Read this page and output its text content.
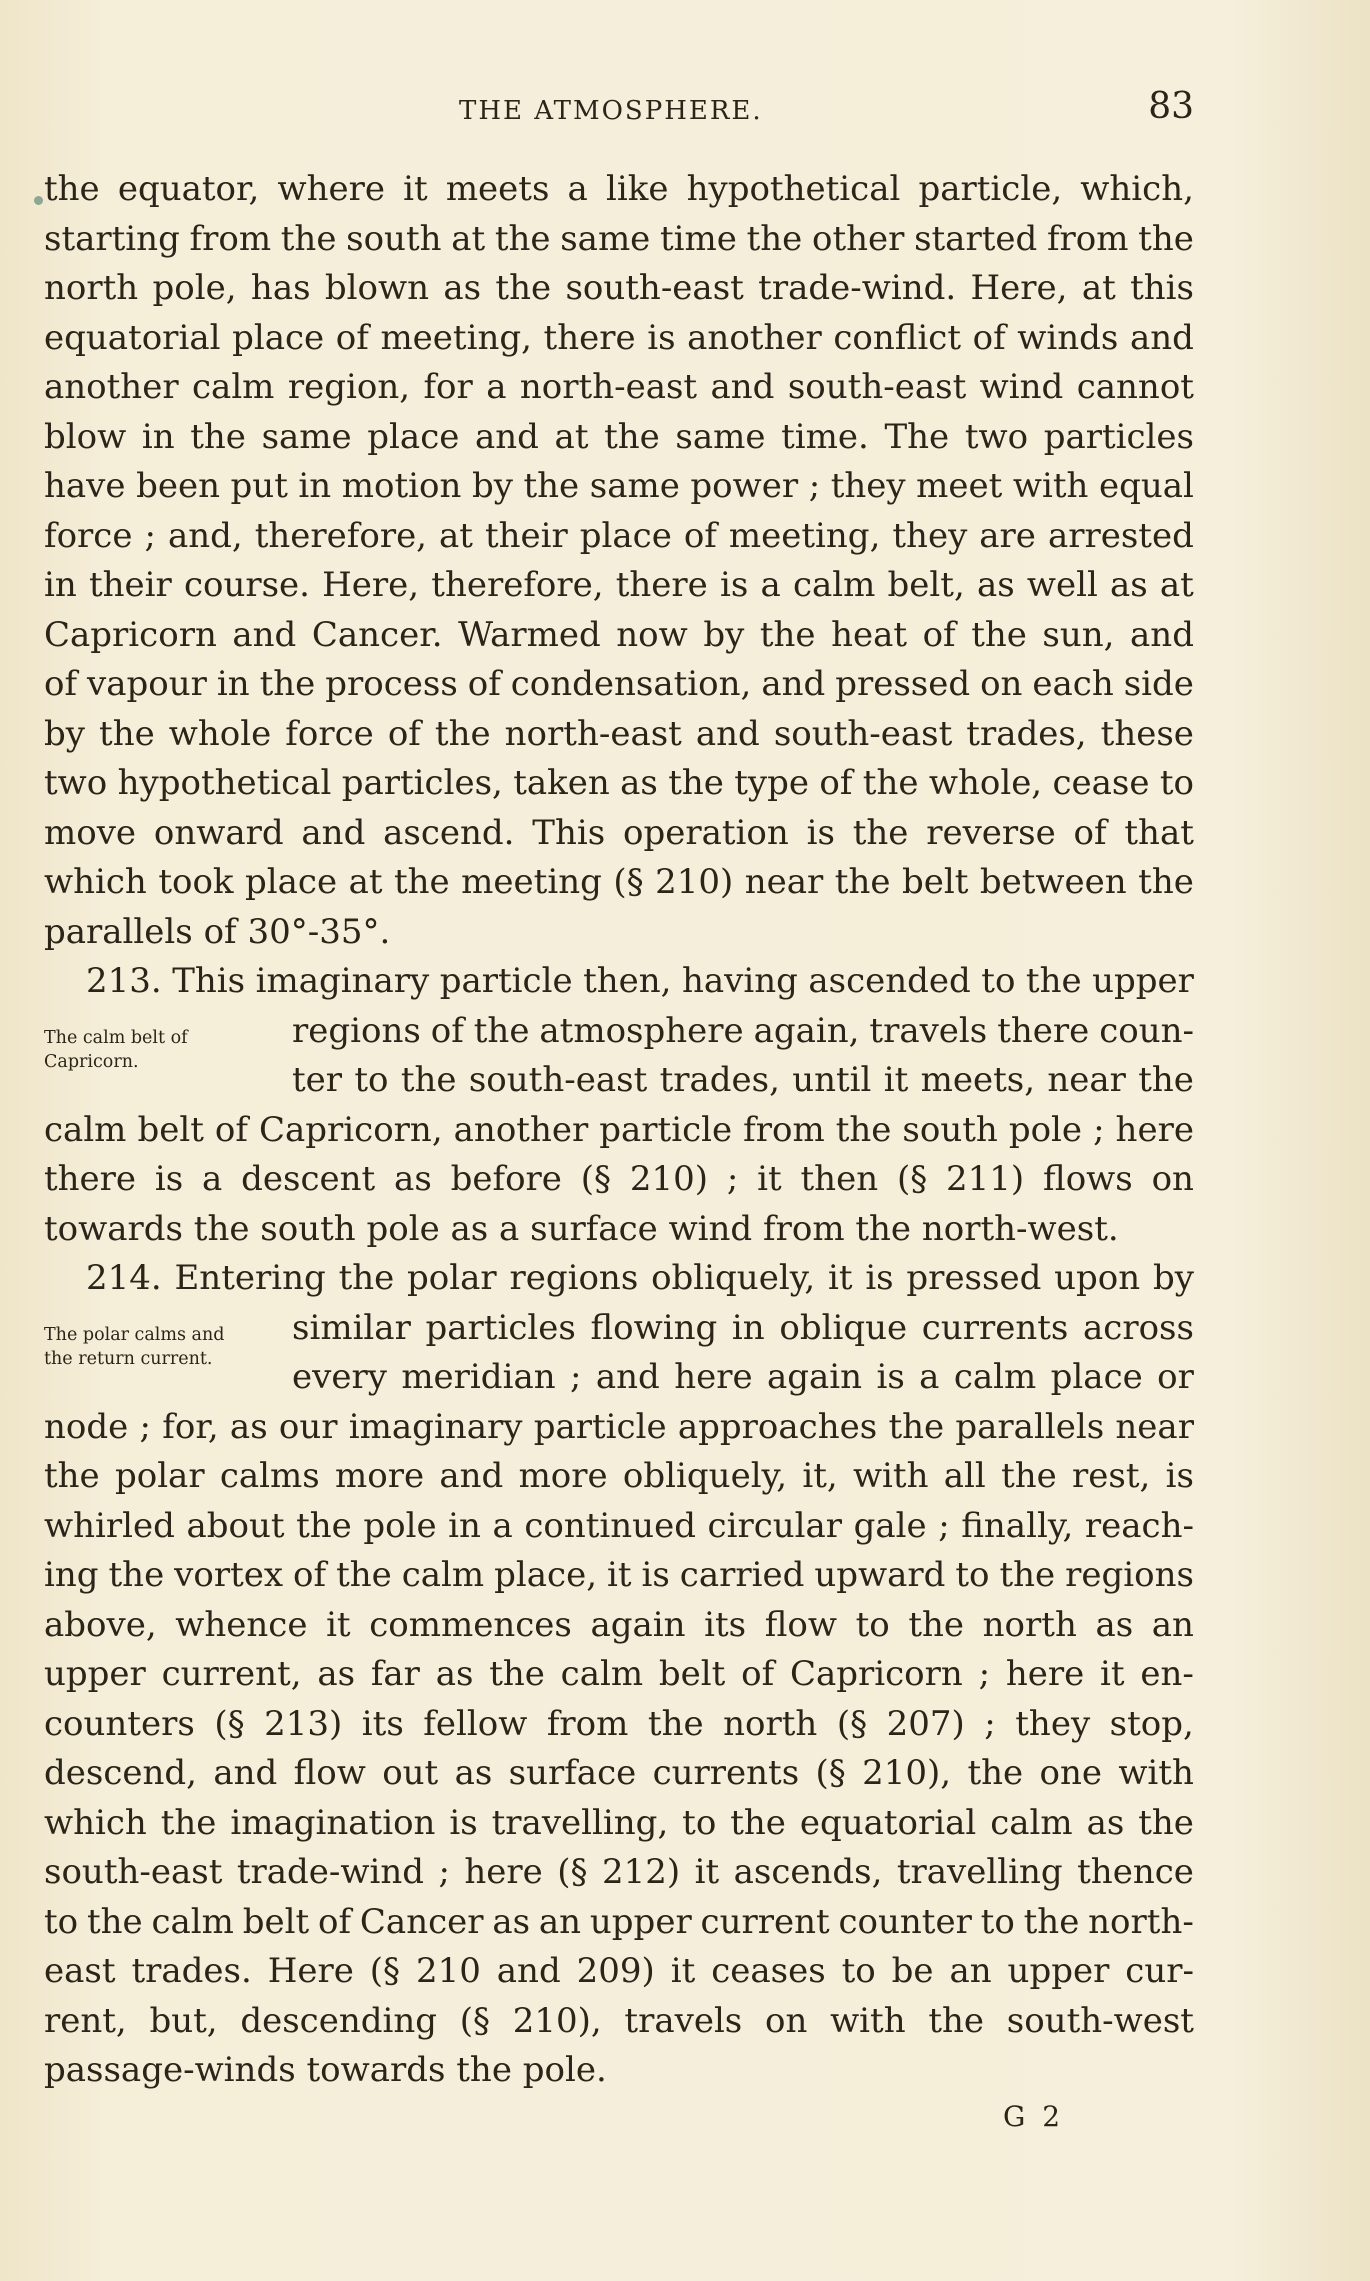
THE ATMOSPHERE.	83
The calm belt of
Capricorn.
The polar calms and
the return current.
the equator, where it meets a like hypothetical particle, which,
starting from the south at the same time the other started from the
north pole, has blown as the south-east trade-wind. Here, at this
equatorial place of meeting, there is another conflict of winds and
another calm region, for a north-east and south-east wind cannot
blow in the same place and at the same time. The two particles
have been put in motion by the same power ; they meet with equal
force ; and, therefore, at their place of meeting, they are arrested
in their course. Here, therefore, there is a calm belt, as well as at
Capricorn and Cancer. Warmed now by the heat of the sun, and
of vapour in the process of condensation, and pressed on each side
by the whole force of the north-east and south-east trades, these
two hypothetical particles, taken as the type of the whole, cease to
move onward and ascend. This operation is the reverse of that
which took place at the meeting (§ 210) near the belt between the
parallels of 30°-35°.
213. This imaginary particle then, having ascended to the upper
regions of the atmosphere again, travels there coun-
ter to the south-east trades, until it meets, near the
calm belt of Capricorn, another particle from the south pole ; here
there is a descent as before (§ 210) ; it then (§ 211) flows on
towards the south pole as a surface wind from the north-west.
214. Entering the polar regions obliquely, it is pressed upon by
similar particles flowing in oblique currents across
every meridian ; and here again is a calm place or
node ; for, as our imaginary particle approaches the parallels near
the polar calms more and more obliquely, it, with all the rest, is
whirled about the pole in a continued circular gale ; finally, reach-
ing the vortex of the calm place, it is carried upward to the regions
above, whence it commences again its flow to the north as an
upper current, as far as the calm belt of Capricorn ; here it en-
counters (§ 213) its fellow from the north (§ 207) ; they stop,
descend, and flow out as surface currents (§ 210), the one with
which the imagination is travelling, to the equatorial calm as the
south-east trade-wind ; here (§ 212) it ascends, travelling thence
to the calm belt of Cancer as an upper current counter to the north-
east trades. Here (§ 210 and 209) it ceases to be an upper cur-
rent, but, descending (§ 210), travels on with the south-west
passage-winds towards the pole.
G 2
